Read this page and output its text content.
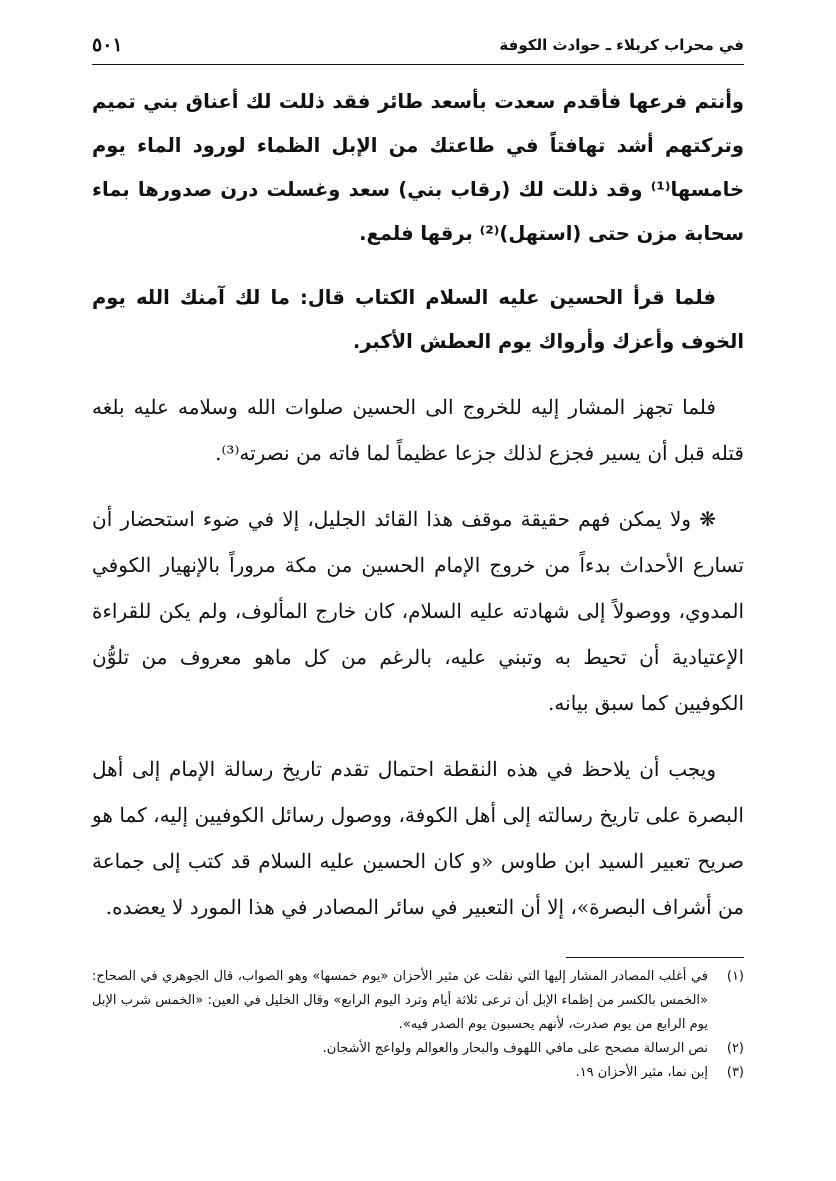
في محراب كربلاء ـ حوادث الكوفة
٥٠١

وأنتم فرعها فأقدم سعدت بأسعد طائر فقد ذللت لك أعناق بني تميم وتركتهم أشد تهافتاً في طاعتك من الإبل الظماء لورود الماء يوم خامسها⁽¹⁾ وقد ذللت لك (رقاب بني) سعد وغسلت درن صدورها بماء سحابة مزن حتى (استهل)⁽²⁾ برقها فلمع.

فلما قرأ الحسين عليه السلام الكتاب قال: ما لك آمنك الله يوم الخوف وأعزك وأرواك يوم العطش الأكبر.

فلما تجهز المشار إليه للخروج الى الحسين صلوات الله وسلامه عليه بلغه قتله قبل أن يسير فجزع لذلك جزعا عظيماً لما فاته من نصرته⁽³⁾.

❋ ولا يمكن فهم حقيقة موقف هذا القائد الجليل، إلا في ضوء استحضار أن تسارع الأحداث بدءاً من خروج الإمام الحسين من مكة مروراً بالإنهيار الكوفي المدوي، ووصولاً إلى شهادته عليه السلام، كان خارج المألوف، ولم يكن للقراءة الإعتيادية أن تحيط به وتبني عليه، بالرغم من كل ماهو معروف من تلوُّن الكوفيين كما سبق بيانه.

ويجب أن يلاحظ في هذه النقطة احتمال تقدم تاريخ رسالة الإمام إلى أهل البصرة على تاريخ رسالته إلى أهل الكوفة، ووصول رسائل الكوفيين إليه، كما هو صريح تعبير السيد ابن طاوس «و كان الحسين عليه السلام قد كتب إلى جماعة من أشراف البصرة»، إلا أن التعبير في سائر المصادر في هذا المورد لا يعضده.

(١)
في أغلب المصادر المشار إليها التي نقلت عن مثير الأحزان «يوم خمسها» وهو الصواب، قال الجوهري في الصحاح: «الخمس بالكسر من إظماء الإبل أن ترعى ثلاثة أيام وترد اليوم الرابع» وقال الخليل في العين: «الخمس شرب الإبل يوم الرابع من يوم صدرت، لأنهم يحسبون يوم الصدر فيه».
(٢)
نص الرسالة مصحح على مافي اللهوف والبحار والعوالم ولواعج الأشجان.
(٣)
إبن نما، مثير الأحزان ١٩.
